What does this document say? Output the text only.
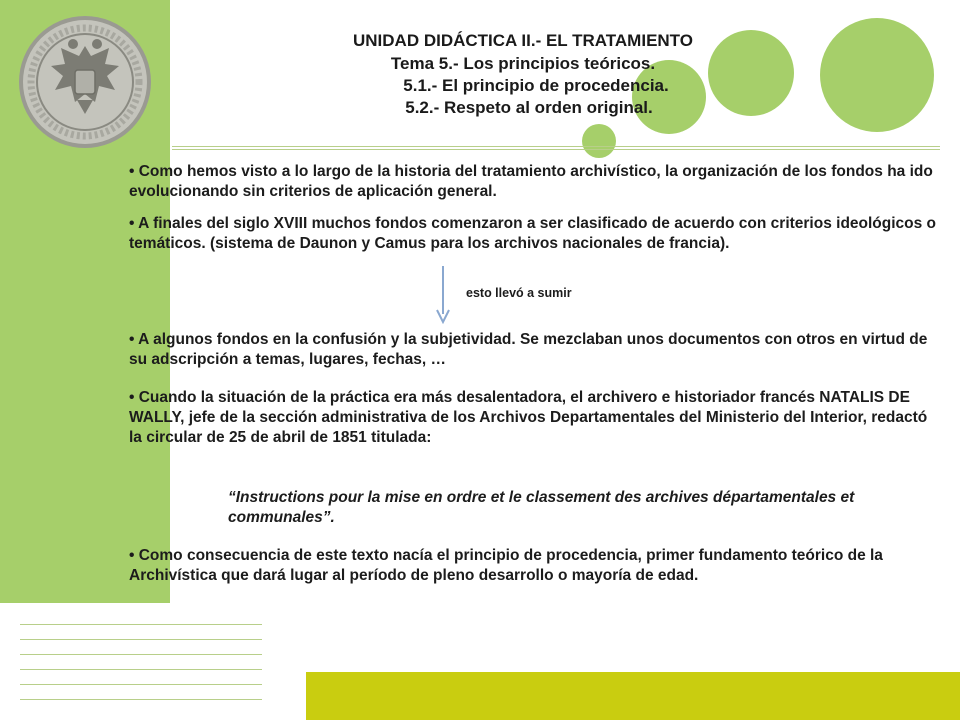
UNIDAD DIDÁCTICA II.- EL TRATAMIENTO
Tema 5.- Los principios teóricos.
5.1.- El principio de procedencia.
5.2.- Respeto al orden original.

• Como hemos visto a lo largo de la historia del tratamiento archivístico, la organización de los fondos ha ido evolucionando sin criterios de aplicación general.

• A finales del siglo XVIII muchos fondos comenzaron a ser clasificado de acuerdo con criterios ideológicos o temáticos. (sistema de Daunon y Camus para los archivos nacionales de francia).

esto llevó a sumir

• A algunos fondos en la confusión y la subjetividad. Se mezclaban unos documentos con otros en virtud de su adscripción a temas, lugares, fechas, …

• Cuando la situación de la práctica era más desalentadora, el archivero e historiador francés NATALIS DE WALLY, jefe de la sección administrativa de los Archivos Departamentales del Ministerio del Interior, redactó la circular de 25 de abril de 1851 titulada:

“Instructions pour la mise en ordre et le classement des archives départamentales et communales”.

• Como consecuencia de este texto nacía el principio de procedencia, primer fundamento teórico de la Archivística que dará lugar al período de pleno desarrollo o mayoría de edad.
